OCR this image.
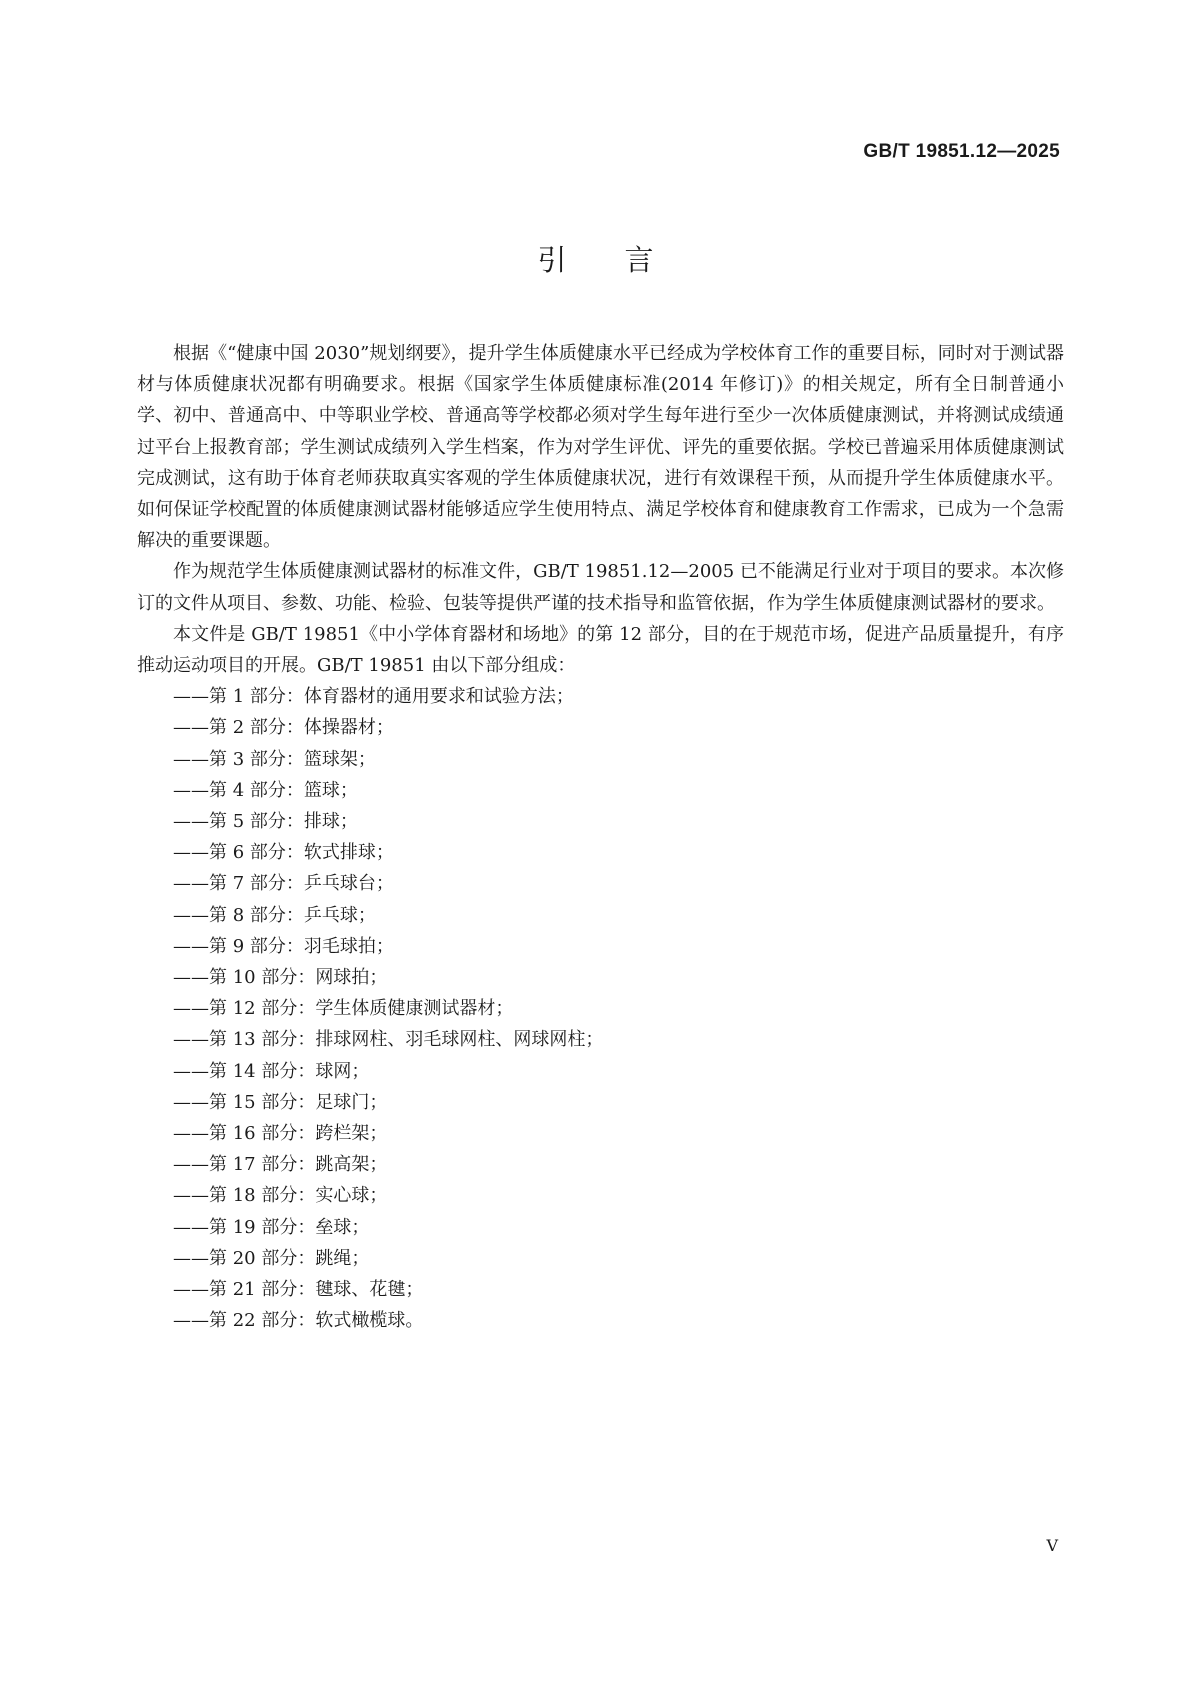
GB/T 19851.12—2025
引言

根据《“健康中国 2030”规划纲要》，提升学生体质健康水平已经成为学校体育工作的重要目标，同时对于测试器材与体质健康状况都有明确要求。根据《国家学生体质健康标准(2014 年修订)》的相关规定，所有全日制普通小学、初中、普通高中、中等职业学校、普通高等学校都必须对学生每年进行至少一次体质健康测试，并将测试成绩通过平台上报教育部；学生测试成绩列入学生档案，作为对学生评优、评先的重要依据。学校已普遍采用体质健康测试完成测试，这有助于体育老师获取真实客观的学生体质健康状况，进行有效课程干预，从而提升学生体质健康水平。如何保证学校配置的体质健康测试器材能够适应学生使用特点、满足学校体育和健康教育工作需求，已成为一个急需解决的重要课题。

作为规范学生体质健康测试器材的标准文件，GB/T 19851.12—2005 已不能满足行业对于项目的要求。本次修订的文件从项目、参数、功能、检验、包装等提供严谨的技术指导和监管依据，作为学生体质健康测试器材的要求。

本文件是 GB/T 19851《中小学体育器材和场地》的第 12 部分，目的在于规范市场，促进产品质量提升，有序推动运动项目的开展。GB/T 19851 由以下部分组成：

——第 1 部分：体育器材的通用要求和试验方法；
——第 2 部分：体操器材；
——第 3 部分：篮球架；
——第 4 部分：篮球；
——第 5 部分：排球；
——第 6 部分：软式排球；
——第 7 部分：乒乓球台；
——第 8 部分：乒乓球；
——第 9 部分：羽毛球拍；
——第 10 部分：网球拍；
——第 12 部分：学生体质健康测试器材；
——第 13 部分：排球网柱、羽毛球网柱、网球网柱；
——第 14 部分：球网；
——第 15 部分：足球门；
——第 16 部分：跨栏架；
——第 17 部分：跳高架；
——第 18 部分：实心球；
——第 19 部分：垒球；
——第 20 部分：跳绳；
——第 21 部分：毽球、花毽；
——第 22 部分：软式橄榄球。
V
